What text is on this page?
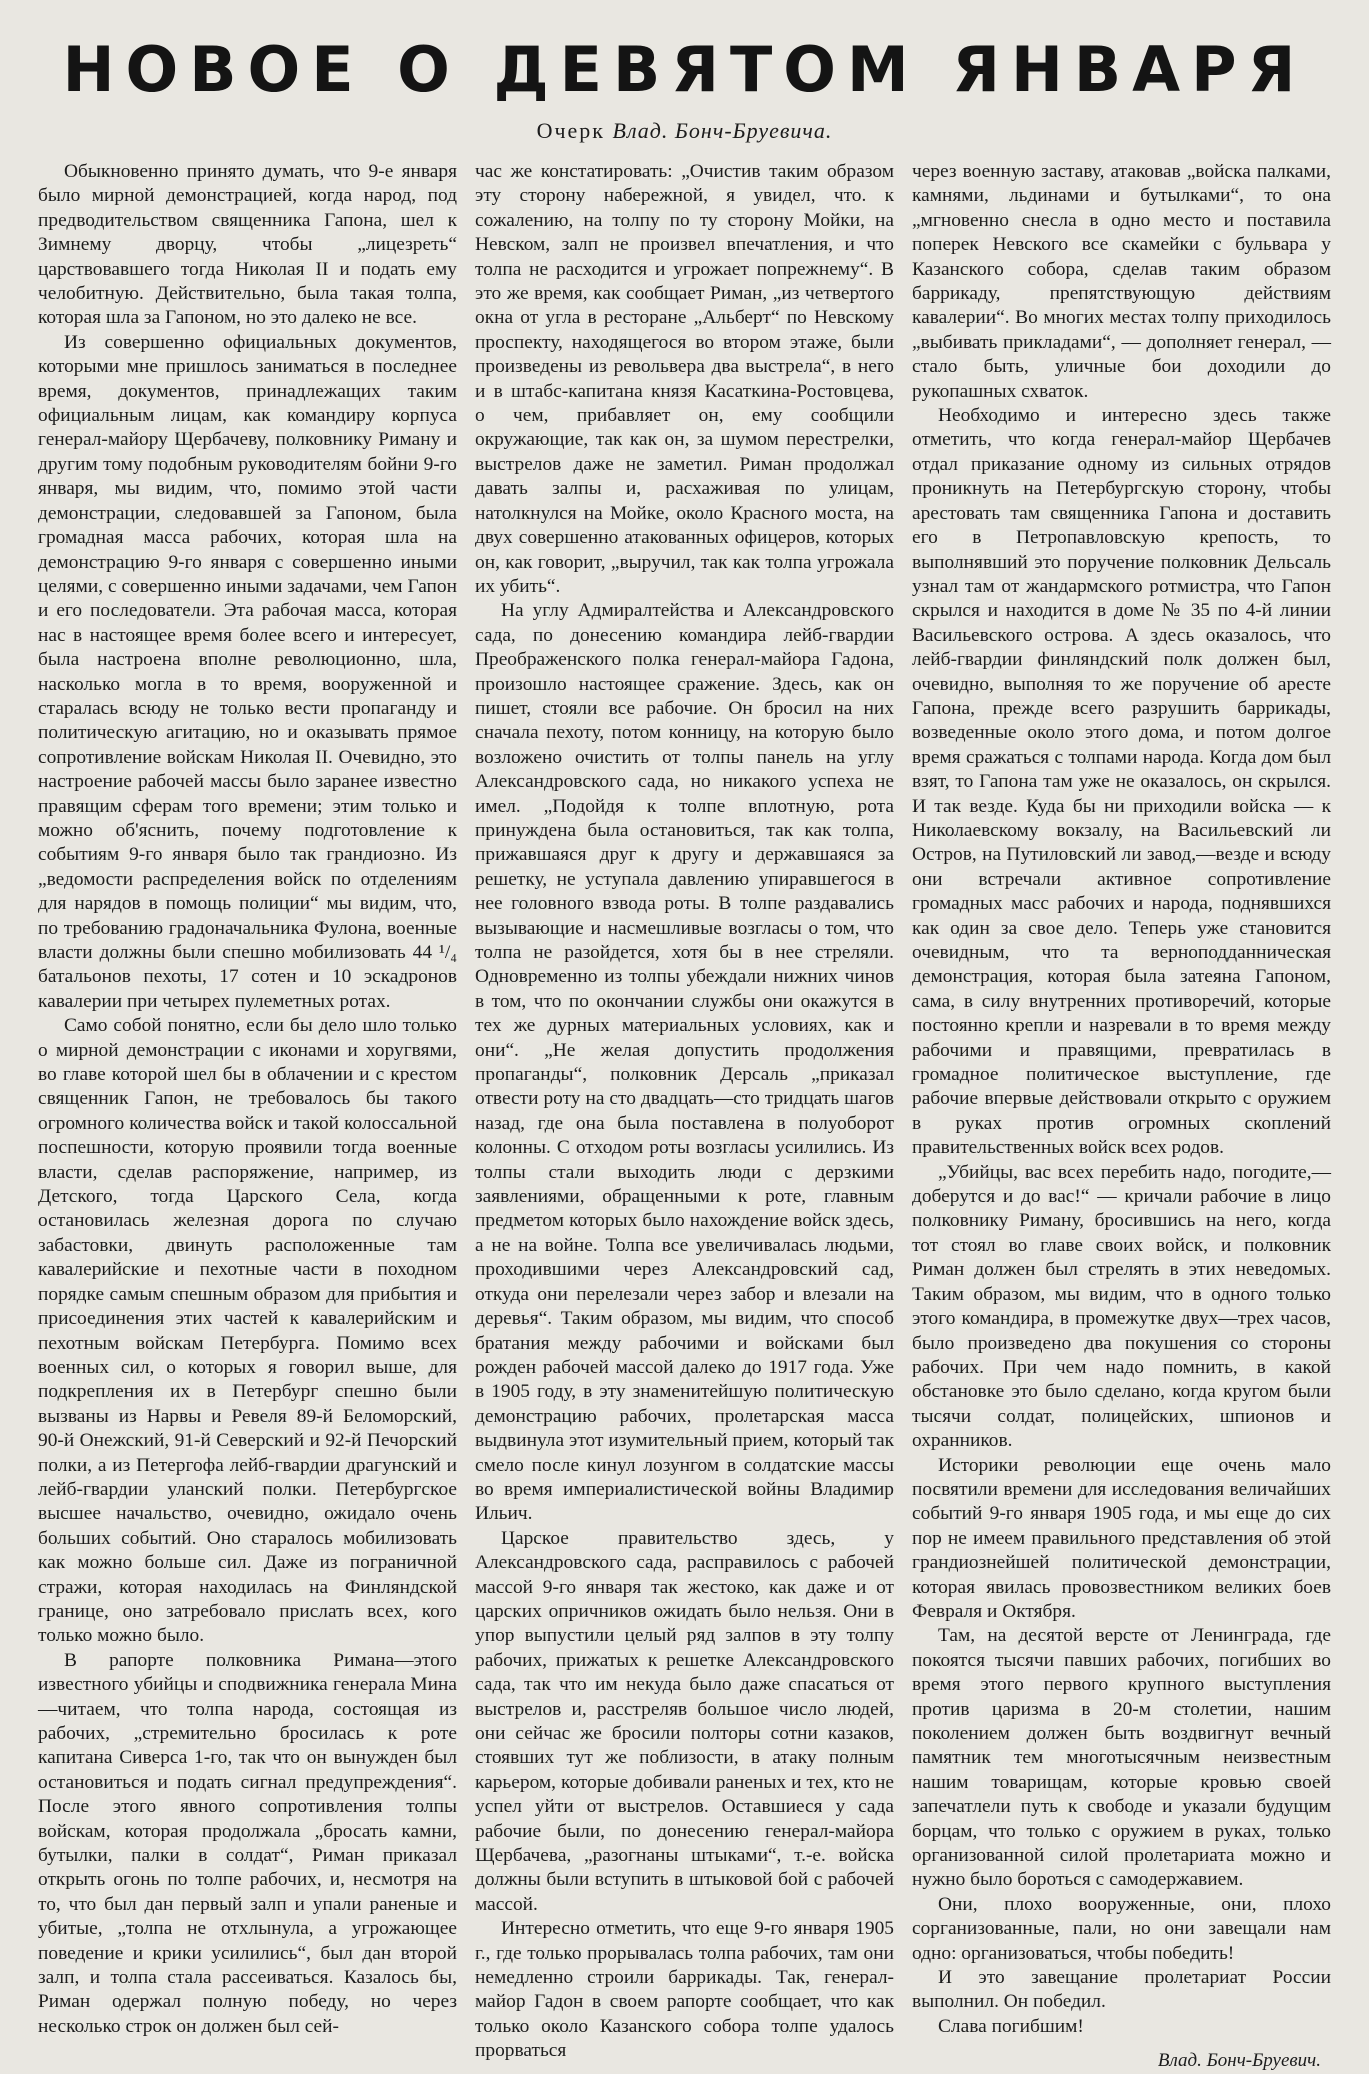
НОВОЕ О ДЕВЯТОМ ЯНВАРЯ
Очерк Влад. Бонч-Бруевича.

Обыкновенно принято думать, что 9-е января было мирной демонстрацией, когда народ, под предводительством священника Гапона, шел к Зимнему дворцу, чтобы „лицезреть“ царствовавшего тогда Николая II и подать ему челобитную. Действительно, была такая толпа, которая шла за Гапоном, но это далеко не все.

Из совершенно официальных документов, которыми мне пришлось заниматься в последнее время, документов, принадлежащих таким официальным лицам, как командиру корпуса генерал-майору Щербачеву, полковнику Риману и другим тому подобным руководителям бойни 9-го января, мы видим, что, помимо этой части демонстрации, следовавшей за Гапоном, была громадная масса рабочих, которая шла на демонстрацию 9-го января с совершенно иными целями, с совершенно иными задачами, чем Гапон и его последователи. Эта рабочая масса, которая нас в настоящее время более всего и интересует, была настроена вполне революционно, шла, насколько могла в то время, вооруженной и старалась всюду не только вести пропаганду и политическую агитацию, но и оказывать прямое сопротивление войскам Николая II. Очевидно, это настроение рабочей массы было заранее известно правящим сферам того времени; этим только и можно об'яснить, почему подготовление к событиям 9-го января было так грандиозно. Из „ведомости распределения войск по отделениям для нарядов в помощь полиции“ мы видим, что, по требованию градоначальника Фулона, военные власти должны были спешно мобилизовать 44 ¹/₄ батальонов пехоты, 17 сотен и 10 эскадронов кавалерии при четырех пулеметных ротах.

Само собой понятно, если бы дело шло только о мирной демонстрации с иконами и хоругвями, во главе которой шел бы в облачении и с крестом священник Гапон, не требовалось бы такого огромного количества войск и такой колоссальной поспешности, которую проявили тогда военные власти, сделав распоряжение, например, из Детского, тогда Царского Села, когда остановилась железная дорога по случаю забастовки, двинуть расположенные там кавалерийские и пехотные части в походном порядке самым спешным образом для прибытия и присоединения этих частей к кавалерийским и пехотным войскам Петербурга. Помимо всех военных сил, о которых я говорил выше, для подкрепления их в Петербург спешно были вызваны из Нарвы и Ревеля 89-й Беломорский, 90-й Онежский, 91-й Северский и 92-й Печорский полки, а из Петергофа лейб-гвардии драгунский и лейб-гвардии уланский полки. Петербургское высшее начальство, очевидно, ожидало очень больших событий. Оно старалось мобилизовать как можно больше сил. Даже из пограничной стражи, которая находилась на Финляндской границе, оно затребовало прислать всех, кого только можно было.

В рапорте полковника Римана—этого известного убийцы и сподвижника генерала Мина—читаем, что толпа народа, состоящая из рабочих, „стремительно бросилась к роте капитана Сиверса 1-го, так что он вынужден был остановиться и подать сигнал предупреждения“. После этого явного сопротивления толпы войскам, которая продолжала „бросать камни, бутылки, палки в солдат“, Риман приказал открыть огонь по толпе рабочих, и, несмотря на то, что был дан первый залп и упали раненые и убитые, „толпа не отхлынула, а угрожающее поведение и крики усилились“, был дан второй залп, и толпа стала рассеиваться. Казалось бы, Риман одержал полную победу, но через несколько строк он должен был сей-

час же констатировать: „Очистив таким образом эту сторону набережной, я увидел, что. к сожалению, на толпу по ту сторону Мойки, на Невском, залп не произвел впечатления, и что толпа не расходится и угрожает попрежнему“. В это же время, как сообщает Риман, „из четвертого окна от угла в ресторане „Альберт“ по Невскому проспекту, находящегося во втором этаже, были произведены из револьвера два выстрела“, в него и в штабс-капитана князя Касаткина-Ростовцева, о чем, прибавляет он, ему сообщили окружающие, так как он, за шумом перестрелки, выстрелов даже не заметил. Риман продолжал давать залпы и, расхаживая по улицам, натолкнулся на Мойке, около Красного моста, на двух совершенно атакованных офицеров, которых он, как говорит, „выручил, так как толпа угрожала их убить“.

На углу Адмиралтейства и Александровского сада, по донесению командира лейб-гвардии Преображенского полка генерал-майора Гадона, произошло настоящее сражение. Здесь, как он пишет, стояли все рабочие. Он бросил на них сначала пехоту, потом конницу, на которую было возложено очистить от толпы панель на углу Александровского сада, но никакого успеха не имел. „Подойдя к толпе вплотную, рота принуждена была остановиться, так как толпа, прижавшаяся друг к другу и державшаяся за решетку, не уступала давлению упиравшегося в нее головного взвода роты. В толпе раздавались вызывающие и насмешливые возгласы о том, что толпа не разойдется, хотя бы в нее стреляли. Одновременно из толпы убеждали нижних чинов в том, что по окончании службы они окажутся в тех же дурных материальных условиях, как и они“. „Не желая допустить продолжения пропаганды“, полковник Дерсаль „приказал отвести роту на сто двадцать—сто тридцать шагов назад, где она была поставлена в полуоборот колонны. С отходом роты возгласы усилились. Из толпы стали выходить люди с дерзкими заявлениями, обращенными к роте, главным предметом которых было нахождение войск здесь, а не на войне. Толпа все увеличивалась людьми, проходившими через Александровский сад, откуда они перелезали через забор и влезали на деревья“. Таким образом, мы видим, что способ братания между рабочими и войсками был рожден рабочей массой далеко до 1917 года. Уже в 1905 году, в эту знаменитейшую политическую демонстрацию рабочих, пролетарская масса выдвинула этот изумительный прием, который так смело после кинул лозунгом в солдатские массы во время империалистической войны Владимир Ильич.

Царское правительство здесь, у Александровского сада, расправилось с рабочей массой 9-го января так жестоко, как даже и от царских опричников ожидать было нельзя. Они в упор выпустили целый ряд залпов в эту толпу рабочих, прижатых к решетке Александровского сада, так что им некуда было даже спасаться от выстрелов и, расстреляв большое число людей, они сейчас же бросили полторы сотни казаков, стоявших тут же поблизости, в атаку полным карьером, которые добивали раненых и тех, кто не успел уйти от выстрелов. Оставшиеся у сада рабочие были, по донесению генерал-майора Щербачева, „разогнаны штыками“, т.-е. войска должны были вступить в штыковой бой с рабочей массой.

Интересно отметить, что еще 9-го января 1905 г., где только прорывалась толпа рабочих, там они немедленно строили баррикады. Так, генерал-майор Гадон в своем рапорте сообщает, что как только около Казанского собора толпе удалось прорваться

через военную заставу, атаковав „войска палками, камнями, льдинами и бутылками“, то она „мгновенно снесла в одно место и поставила поперек Невского все скамейки с бульвара у Казанского собора, сделав таким образом баррикаду, препятствующую действиям кавалерии“. Во многих местах толпу приходилось „выбивать прикладами“, — дополняет генерал, — стало быть, уличные бои доходили до рукопашных схваток.

Необходимо и интересно здесь также отметить, что когда генерал-майор Щербачев отдал приказание одному из сильных отрядов проникнуть на Петербургскую сторону, чтобы арестовать там священника Гапона и доставить его в Петропавловскую крепость, то выполнявший это поручение полковник Дельсаль узнал там от жандармского ротмистра, что Гапон скрылся и находится в доме № 35 по 4-й линии Васильевского острова. А здесь оказалось, что лейб-гвардии финляндский полк должен был, очевидно, выполняя то же поручение об аресте Гапона, прежде всего разрушить баррикады, возведенные около этого дома, и потом долгое время сражаться с толпами народа. Когда дом был взят, то Гапона там уже не оказалось, он скрылся. И так везде. Куда бы ни приходили войска — к Николаевскому вокзалу, на Васильевский ли Остров, на Путиловский ли завод,—везде и всюду они встречали активное сопротивление громадных масс рабочих и народа, поднявшихся как один за свое дело. Теперь уже становится очевидным, что та верноподданническая демонстрация, которая была затеяна Гапоном, сама, в силу внутренних противоречий, которые постоянно крепли и назревали в то время между рабочими и правящими, превратилась в громадное политическое выступление, где рабочие впервые действовали открыто с оружием в руках против огромных скоплений правительственных войск всех родов.

„Убийцы, вас всех перебить надо, погодите,—доберутся и до вас!“ — кричали рабочие в лицо полковнику Риману, бросившись на него, когда тот стоял во главе своих войск, и полковник Риман должен был стрелять в этих неведомых. Таким образом, мы видим, что в одного только этого командира, в промежутке двух—трех часов, было произведено два покушения со стороны рабочих. При чем надо помнить, в какой обстановке это было сделано, когда кругом были тысячи солдат, полицейских, шпионов и охранников.

Историки революции еще очень мало посвятили времени для исследования величайших событий 9-го января 1905 года, и мы еще до сих пор не имеем правильного представления об этой грандиознейшей политической демонстрации, которая явилась провозвестником великих боев Февраля и Октября.

Там, на десятой версте от Ленинграда, где покоятся тысячи павших рабочих, погибших во время этого первого крупного выступления против царизма в 20-м столетии, нашим поколением должен быть воздвигнут вечный памятник тем многотысячным неизвестным нашим товарищам, которые кровью своей запечатлели путь к свободе и указали будущим борцам, что только с оружием в руках, только организованной силой пролетариата можно и нужно было бороться с самодержавием.

Они, плохо вооруженные, они, плохо сорганизованные, пали, но они завещали нам одно: организоваться, чтобы победить!

И это завещание пролетариат России выполнил. Он победил.

Слава погибшим!

Влад. Бонч-Бруевич.
